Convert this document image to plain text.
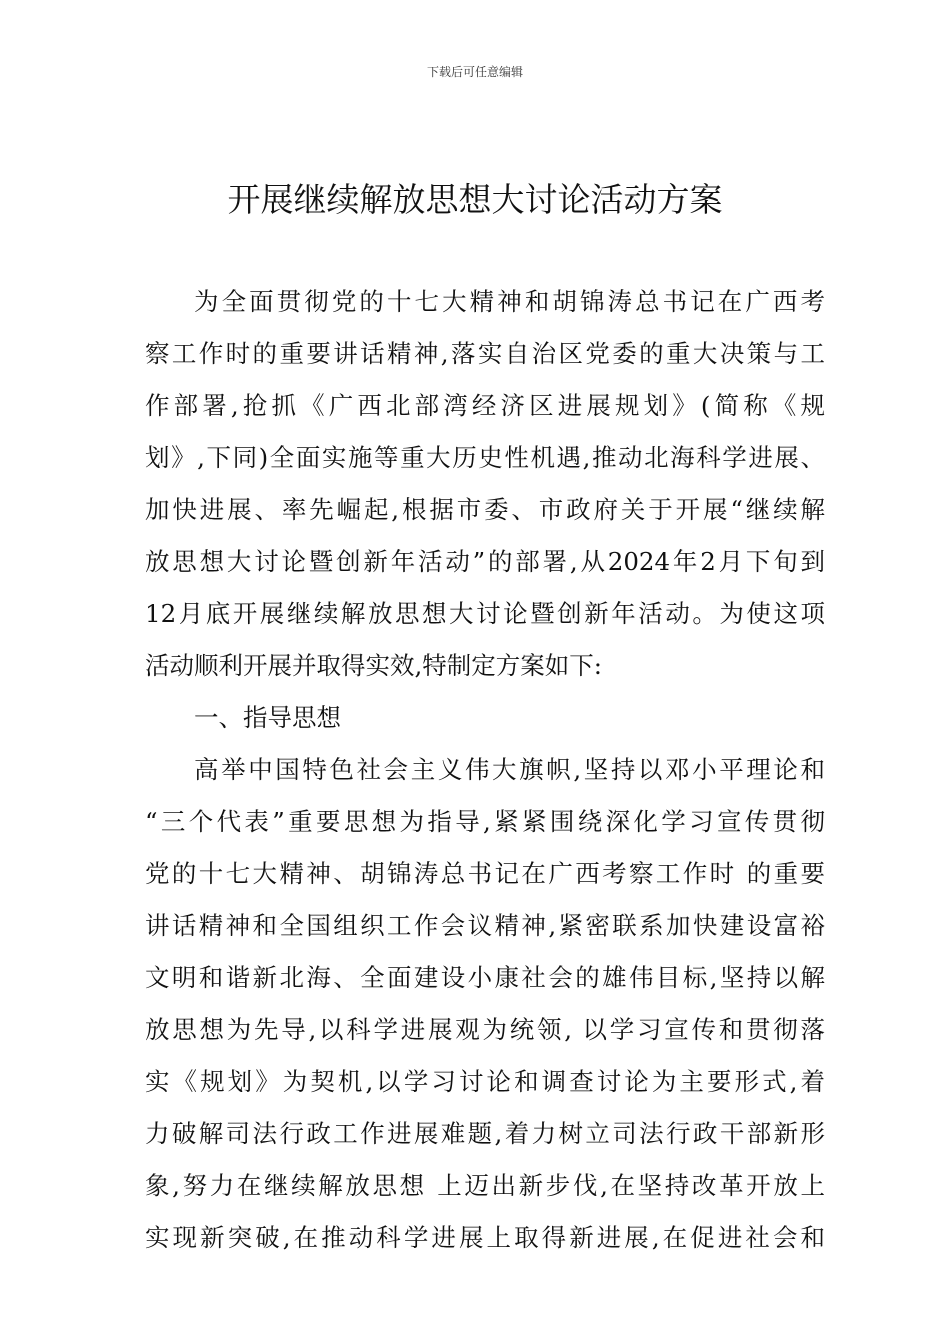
下载后可任意编辑
开展继续解放思想大讨论活动方案
为全面贯彻党的十七大精神和胡锦涛总书记在广西考
察工作时的重要讲话精神,落实自治区党委的重大决策与工
作部署,抢抓《广西北部湾经济区进展规划》(简称《规
划》,下同)全面实施等重大历史性机遇,推动北海科学进展、
加快进展、率先崛起,根据市委、市政府关于开展“继续解
放思想大讨论暨创新年活动”的部署,从2024年2月下旬到
12月底开展继续解放思想大讨论暨创新年活动。为使这项
活动顺利开展并取得实效,特制定方案如下:
一、指导思想
高举中国特色社会主义伟大旗帜,坚持以邓小平理论和
“三个代表”重要思想为指导,紧紧围绕深化学习宣传贯彻
党的十七大精神、胡锦涛总书记在广西考察工作时 的重要
讲话精神和全国组织工作会议精神,紧密联系加快建设富裕
文明和谐新北海、全面建设小康社会的雄伟目标,坚持以解
放思想为先导,以科学进展观为统领, 以学习宣传和贯彻落
实《规划》为契机,以学习讨论和调查讨论为主要形式,着
力破解司法行政工作进展难题,着力树立司法行政干部新形
象,努力在继续解放思想 上迈出新步伐,在坚持改革开放上
实现新突破,在推动科学进展上取得新进展,在促进社会和
